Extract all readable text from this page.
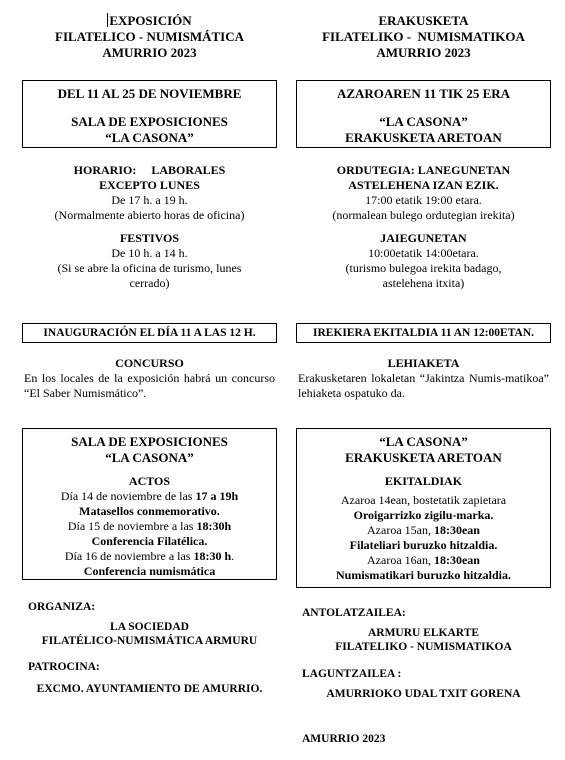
EXPOSICIÓN
FILATELICO - NUMISMÁTICA
AMURRIO 2023
DEL 11 AL 25 DE NOVIEMBRE
SALA DE EXPOSICIONES
“LA CASONA”
HORARIO:     LABORALES
EXCEPTO LUNES
De 17 h. a 19 h.
(Normalmente abierto horas de oficina)
FESTIVOS
De 10 h. a 14 h.
(Si se abre la oficina de turismo, lunes
cerrado)
INAUGURACIÓN EL DÍA 11 A LAS 12 H.
CONCURSO
En los locales de la exposición habrá un concurso “El Saber Numismático”.
SALA DE EXPOSICIONES
“LA CASONA”
ACTOS
Día 14 de noviembre de las 17 a 19h
Matasellos conmemorativo.
Día 15 de noviembre a las 18:30h
Conferencia Filatélica.
Día 16 de noviembre a las 18:30 h.
Conferencia numismática
ORGANIZA:
LA SOCIEDAD
FILATÉLICO-NUMISMÁTICA ARMURU
PATROCINA:
EXCMO. AYUNTAMIENTO DE AMURRIO.
ERAKUSKETA
FILATELIKO -  NUMISMATIKOA
AMURRIO 2023
AZAROAREN 11 TIK 25 ERA
“LA CASONA”
ERAKUSKETA ARETOAN
ORDUTEGIA: LANEGUNETAN
ASTELEHENA IZAN EZIK.
17:00 etatik 19:00 etara.
(normalean bulego ordutegian irekita)
JAIEGUNETAN
10:00etatik 14:00etara.
(turismo bulegoa irekita badago,
astelehena itxita)
IREKIERA EKITALDIA 11 AN 12:00ETAN.
LEHIAKETA
Erakusketaren lokaletan “Jakintza Numis-matikoa” lehiaketa ospatuko da.
“LA CASONA”
ERAKUSKETA ARETOAN
EKITALDIAK
Azaroa 14ean, bostetatik zapietara
Oroigarrizko zigilu-marka.
Azaroa 15an, 18:30ean
Filateliari buruzko hitzaldia.
Azaroa 16an, 18:30ean
Numismatikari buruzko hitzaldia.
ANTOLATZAILEA:
ARMURU ELKARTE
FILATELIKO - NUMISMATIKOA
LAGUNTZAILEA :
AMURRIOKO UDAL TXIT GORENA
AMURRIO 2023
